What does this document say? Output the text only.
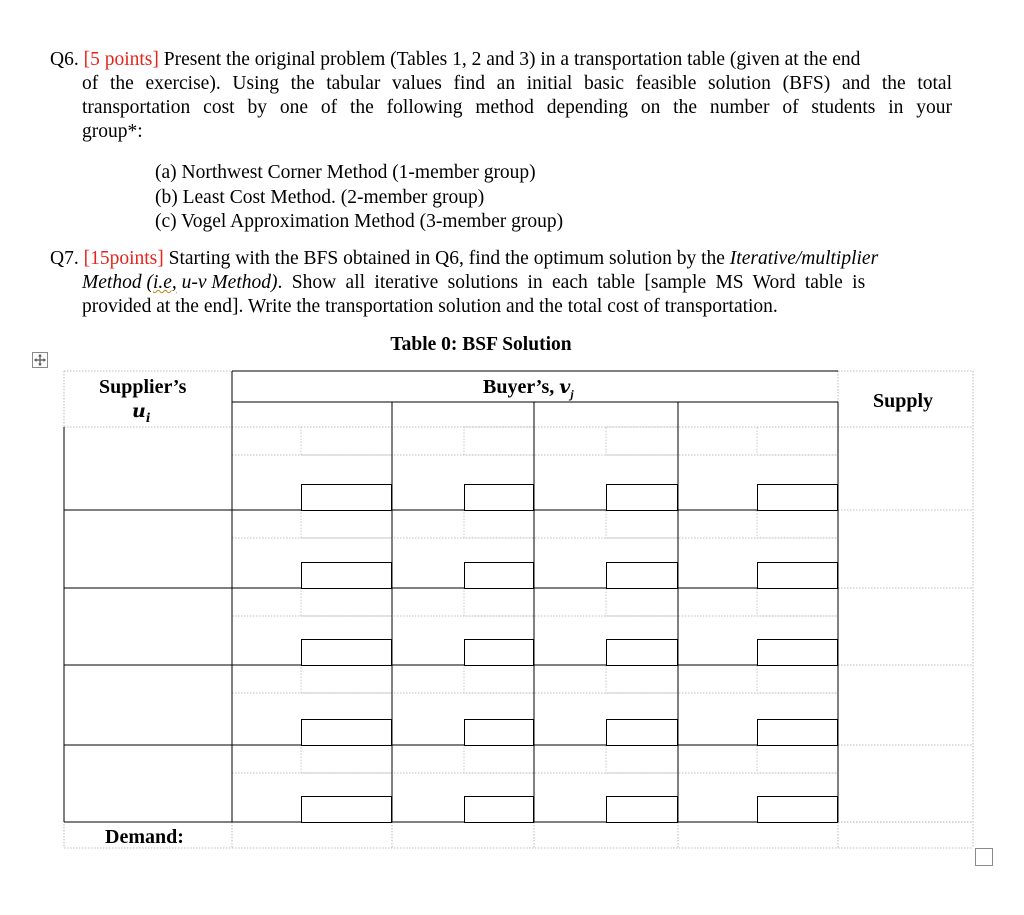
Q6. [5 points] Present the original problem (Tables 1, 2 and 3) in a transportation table (given at the end
of the exercise). Using the tabular values find an initial basic feasible solution (BFS) and the total
transportation cost by one of the following method depending on the number of students in your
group*:
(a) Northwest Corner Method (1-member group)
(b) Least Cost Method. (2-member group)
(c) Vogel Approximation Method (3-member group)
Q7. [15points] Starting with the BFS obtained in Q6, find the optimum solution by the Iterative/multiplier
Method (i.e, u-v Method). Show all iterative solutions in each table [sample MS Word table is
provided at the end]. Write the transportation solution and the total cost of transportation.
Table 0: BSF Solution
Supplier’s
$u_i$
Buyer’s, $v_j$	Supply
Demand:
